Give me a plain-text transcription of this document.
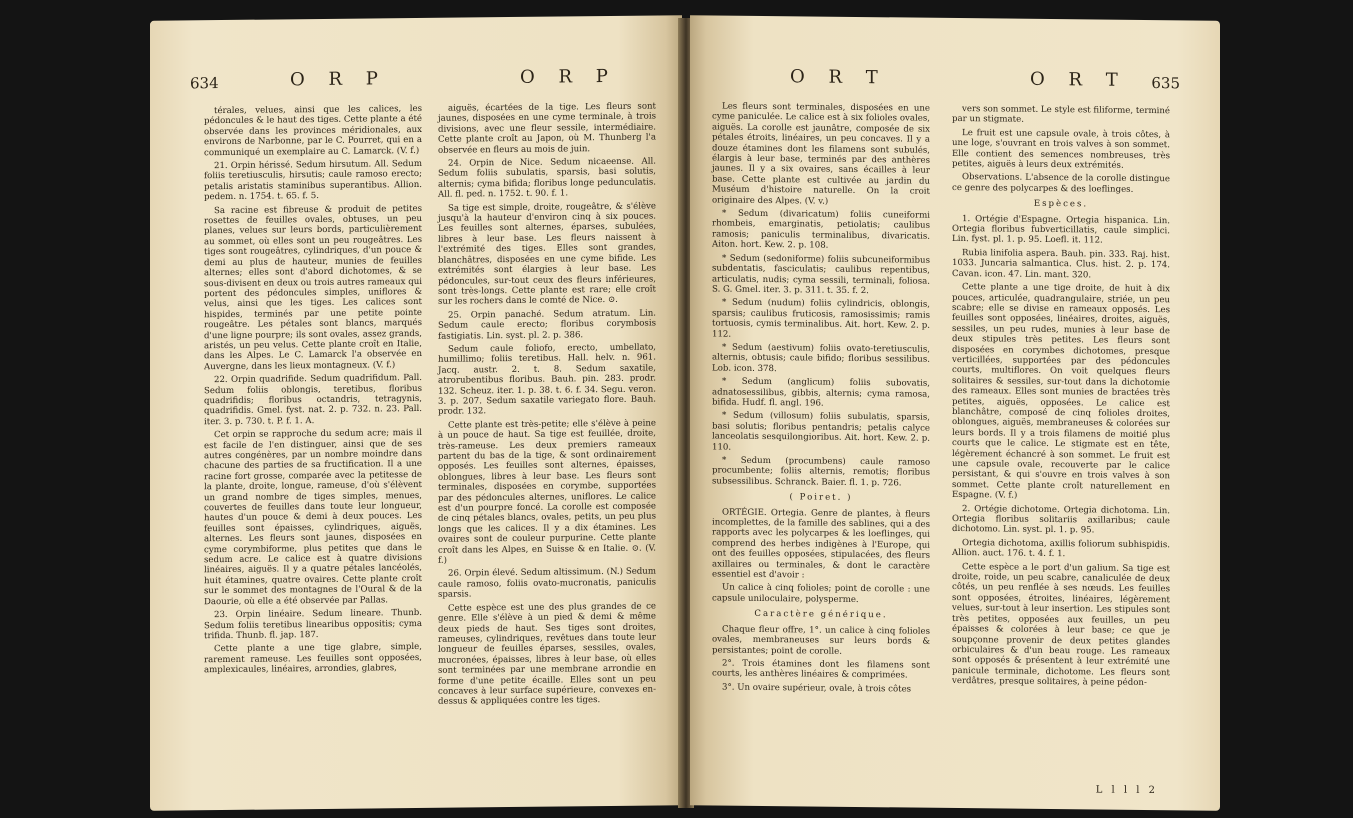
634	O R P	O R P

térales, velues, ainsi que les calices, les pédoncules & le haut des tiges. Cette plante a été observée dans les provinces méridionales, aux environs de Narbonne, par le C. Pourret, qui en a communiqué un exemplaire au C. Lamarck. (V. f.)

21. Orpin hérissé. Sedum hirsutum. All. Sedum foliis teretiusculis, hirsutis; caule ramoso erecto; petalis aristatis staminibus superantibus. Allion. pedem. n. 1754. t. 65. f. 5.

Sa racine est fibreuse & produit de petites rosettes de feuilles ovales, obtuses, un peu planes, velues sur leurs bords, particulièrement au sommet, où elles sont un peu rougeâtres. Les tiges sont rougeâtres, cylindriques, d'un pouce & demi au plus de hauteur, munies de feuilles alternes; elles sont d'abord dichotomes, & se sous-divisent en deux ou trois autres rameaux qui portent des pédoncules simples, uniflores & velus, ainsi que les tiges. Les calices sont hispides, terminés par une petite pointe rougeâtre. Les pétales sont blancs, marqués d'une ligne pourpre; ils sont ovales, assez grands, aristés, un peu velus. Cette plante croît en Italie, dans les Alpes. Le C. Lamarck l'a observée en Auvergne, dans les lieux montagneux. (V. f.)

22. Orpin quadrifide. Sedum quadrifidum. Pall. Sedum foliis oblongis, teretibus, floribus quadrifidis; floribus octandris, tetragynis, quadrifidis. Gmel. fyst. nat. 2. p. 732. n. 23. Pall. iter. 3. p. 730. t. P. f. 1. A.

Cet orpin se rapproche du sedum acre; mais il est facile de l'en distinguer, ainsi que de ses autres congénères, par un nombre moindre dans chacune des parties de sa fructification. Il a une racine fort grosse, comparée avec la petitesse de la plante, droite, longue, rameuse, d'où s'élèvent un grand nombre de tiges simples, menues, couvertes de feuilles dans toute leur longueur, hautes d'un pouce & demi à deux pouces. Les feuilles sont épaisses, cylindriques, aiguës, alternes. Les fleurs sont jaunes, disposées en cyme corymbiforme, plus petites que dans le sedum acre. Le calice est à quatre divisions linéaires, aiguës. Il y a quatre pétales lancéolés, huit étamines, quatre ovaires. Cette plante croît sur le sommet des montagnes de l'Oural & de la Daourie, où elle a été observée par Pallas.

23. Orpin linéaire. Sedum lineare. Thunb. Sedum foliis teretibus linearibus oppositis; cyma trifida. Thunb. fl. jap. 187.

Cette plante a une tige glabre, simple, rarement rameuse. Les feuilles sont opposées, amplexicaules, linéaires, arrondies, glabres,

aiguës, écartées de la tige. Les fleurs sont jaunes, disposées en une cyme terminale, à trois divisions, avec une fleur sessile, intermédiaire. Cette plante croît au Japon, où M. Thunberg l'a observée en fleurs au mois de juin.

24. Orpin de Nice. Sedum nicaeense. All. Sedum foliis subulatis, sparsis, basi solutis, alternis; cyma bifida; floribus longe pedunculatis. All. fl. ped. n. 1752. t. 90. f. 1.

Sa tige est simple, droite, rougeâtre, & s'élève jusqu'à la hauteur d'environ cinq à six pouces. Les feuilles sont alternes, éparses, subulées, libres à leur base. Les fleurs naissent à l'extrémité des tiges. Elles sont grandes, blanchâtres, disposées en une cyme bifide. Les extrémités sont élargies à leur base. Les pédoncules, sur-tout ceux des fleurs inférieures, sont très-longs. Cette plante est rare; elle croît sur les rochers dans le comté de Nice. ⊙.

25. Orpin panaché. Sedum atratum. Lin. Sedum caule erecto; floribus corymbosis fastigiatis. Lin. syst. pl. 2. p. 386.

Sedum caule foliofo, erecto, umbellato, humillimo; foliis teretibus. Hall. helv. n. 961. Jacq. austr. 2. t. 8. Sedum saxatile, atrorubentibus floribus. Bauh. pin. 283. prodr. 132. Scheuz. iter. 1. p. 38. t. 6. f. 34. Segu. veron. 3. p. 207. Sedum saxatile variegato flore. Bauh. prodr. 132.

Cette plante est très-petite; elle s'élève à peine à un pouce de haut. Sa tige est feuillée, droite, très-rameuse. Les deux premiers rameaux partent du bas de la tige, & sont ordinairement opposés. Les feuilles sont alternes, épaisses, oblongues, libres à leur base. Les fleurs sont terminales, disposées en corymbe, supportées par des pédoncules alternes, uniflores. Le calice est d'un pourpre foncé. La corolle est composée de cinq pétales blancs, ovales, petits, un peu plus longs que les calices. Il y a dix étamines. Les ovaires sont de couleur purpurine. Cette plante croît dans les Alpes, en Suisse & en Italie. ⊙. (V. f.)

26. Orpin élevé. Sedum altissimum. (N.) Sedum caule ramoso, foliis ovato-mucronatis, paniculis sparsis.

Cette espèce est une des plus grandes de ce genre. Elle s'élève à un pied & demi & même deux pieds de haut. Ses tiges sont droites, rameuses, cylindriques, revêtues dans toute leur longueur de feuilles éparses, sessiles, ovales, mucronées, épaisses, libres à leur base, où elles sont terminées par une membrane arrondie en forme d'une petite écaille. Elles sont un peu concaves à leur surface supérieure, convexes en-dessus & appliquées contre les tiges.

O R T	O R T 635

Les fleurs sont terminales, disposées en une cyme paniculée. Le calice est à six folioles ovales, aiguës. La corolle est jaunâtre, composée de six pétales étroits, linéaires, un peu concaves. Il y a douze étamines dont les filamens sont subulés, élargis à leur base, terminés par des anthères jaunes. Il y a six ovaires, sans écailles à leur base. Cette plante est cultivée au jardin du Muséum d'histoire naturelle. On la croit originaire des Alpes. (V. v.)

* Sedum (divaricatum) foliis cuneiformi rhombeis, emarginatis, petiolatis; caulibus ramosis; paniculis terminalibus, divaricatis. Aiton. hort. Kew. 2. p. 108.

* Sedum (sedoniforme) foliis subcuneiformibus subdentatis, fasciculatis; caulibus repentibus, articulatis, nudis; cyma sessili, terminali, foliosa. S. G. Gmel. iter. 3. p. 311. t. 35. f. 2.

* Sedum (nudum) foliis cylindricis, oblongis, sparsis; caulibus fruticosis, ramosissimis; ramis tortuosis, cymis terminalibus. Ait. hort. Kew. 2. p. 112.

* Sedum (aestivum) foliis ovato-teretiusculis, alternis, obtusis; caule bifido; floribus sessilibus. Lob. icon. 378.

* Sedum (anglicum) foliis subovatis, adnatosessilibus, gibbis, alternis; cyma ramosa, bifida. Hudf. fl. angl. 196.

* Sedum (villosum) foliis subulatis, sparsis, basi solutis; floribus pentandris; petalis calyce lanceolatis sesquilongioribus. Ait. hort. Kew. 2. p. 110.

* Sedum (procumbens) caule ramoso procumbente; foliis alternis, remotis; floribus subsessilibus. Schranck. Baier. fl. 1. p. 726.

( Poiret. )

ORTÉGIE. Ortegia. Genre de plantes, à fleurs incomplettes, de la famille des sablines, qui a des rapports avec les polycarpes & les loeflinges, qui comprend des herbes indigènes à l'Europe, qui ont des feuilles opposées, stipulacées, des fleurs axillaires ou terminales, & dont le caractère essentiel est d'avoir :

Un calice à cinq folioles; point de corolle : une capsule uniloculaire, polysperme.

Caractère générique.

Chaque fleur offre, 1°. un calice à cinq folioles ovales, membraneuses sur leurs bords & persistantes; point de corolle.

2°. Trois étamines dont les filamens sont courts, les anthères linéaires & comprimées.

3°. Un ovaire supérieur, ovale, à trois côtes

vers son sommet. Le style est filiforme, terminé par un stigmate.

Le fruit est une capsule ovale, à trois côtes, à une loge, s'ouvrant en trois valves à son sommet. Elle contient des semences nombreuses, très petites, aiguës à leurs deux extrémités.

Observations. L'absence de la corolle distingue ce genre des polycarpes & des loeflinges.

Espèces.

1. Ortégie d'Espagne. Ortegia hispanica. Lin. Ortegia floribus fubverticillatis, caule simplici. Lin. fyst. pl. 1. p. 95. Loefl. it. 112.

Rubia linifolia aspera. Bauh. pin. 333. Raj. hist. 1033. Juncaria salmantica. Clus. hist. 2. p. 174. Cavan. icon. 47. Lin. mant. 320.

Cette plante a une tige droite, de huit à dix pouces, articulée, quadrangulaire, striée, un peu scabre; elle se divise en rameaux opposés. Les feuilles sont opposées, linéaires, droites, aiguës, sessiles, un peu rudes, munies à leur base de deux stipules très petites. Les fleurs sont disposées en corymbes dichotomes, presque verticillées, supportées par des pédoncules courts, multiflores. On voit quelques fleurs solitaires & sessiles, sur-tout dans la dichotomie des rameaux. Elles sont munies de bractées très petites, aiguës, opposées. Le calice est blanchâtre, composé de cinq folioles droites, oblongues, aiguës, membraneuses & colorées sur leurs bords. Il y a trois filamens de moitié plus courts que le calice. Le stigmate est en tête, légèrement échancré à son sommet. Le fruit est une capsule ovale, recouverte par le calice persistant, & qui s'ouvre en trois valves à son sommet. Cette plante croît naturellement en Espagne. (V. f.)

2. Ortégie dichotome. Ortegia dichotoma. Lin. Ortegia floribus solitariis axillaribus; caule dichotomo. Lin. syst. pl. 1. p. 95.

Ortegia dichotoma, axillis foliorum subhispidis. Allion. auct. 176. t. 4. f. 1.

Cette espèce a le port d'un galium. Sa tige est droite, roide, un peu scabre, canaliculée de deux côtés, un peu renflée à ses nœuds. Les feuilles sont opposées, étroites, linéaires, légèrement velues, sur-tout à leur insertion. Les stipules sont très petites, opposées aux feuilles, un peu épaisses & colorées à leur base; ce que je soupçonne provenir de deux petites glandes orbiculaires & d'un beau rouge. Les rameaux sont opposés & présentent à leur extrémité une panicule terminale, dichotome. Les fleurs sont verdâtres, presque solitaires, à peine pédon-

L l l l 2
